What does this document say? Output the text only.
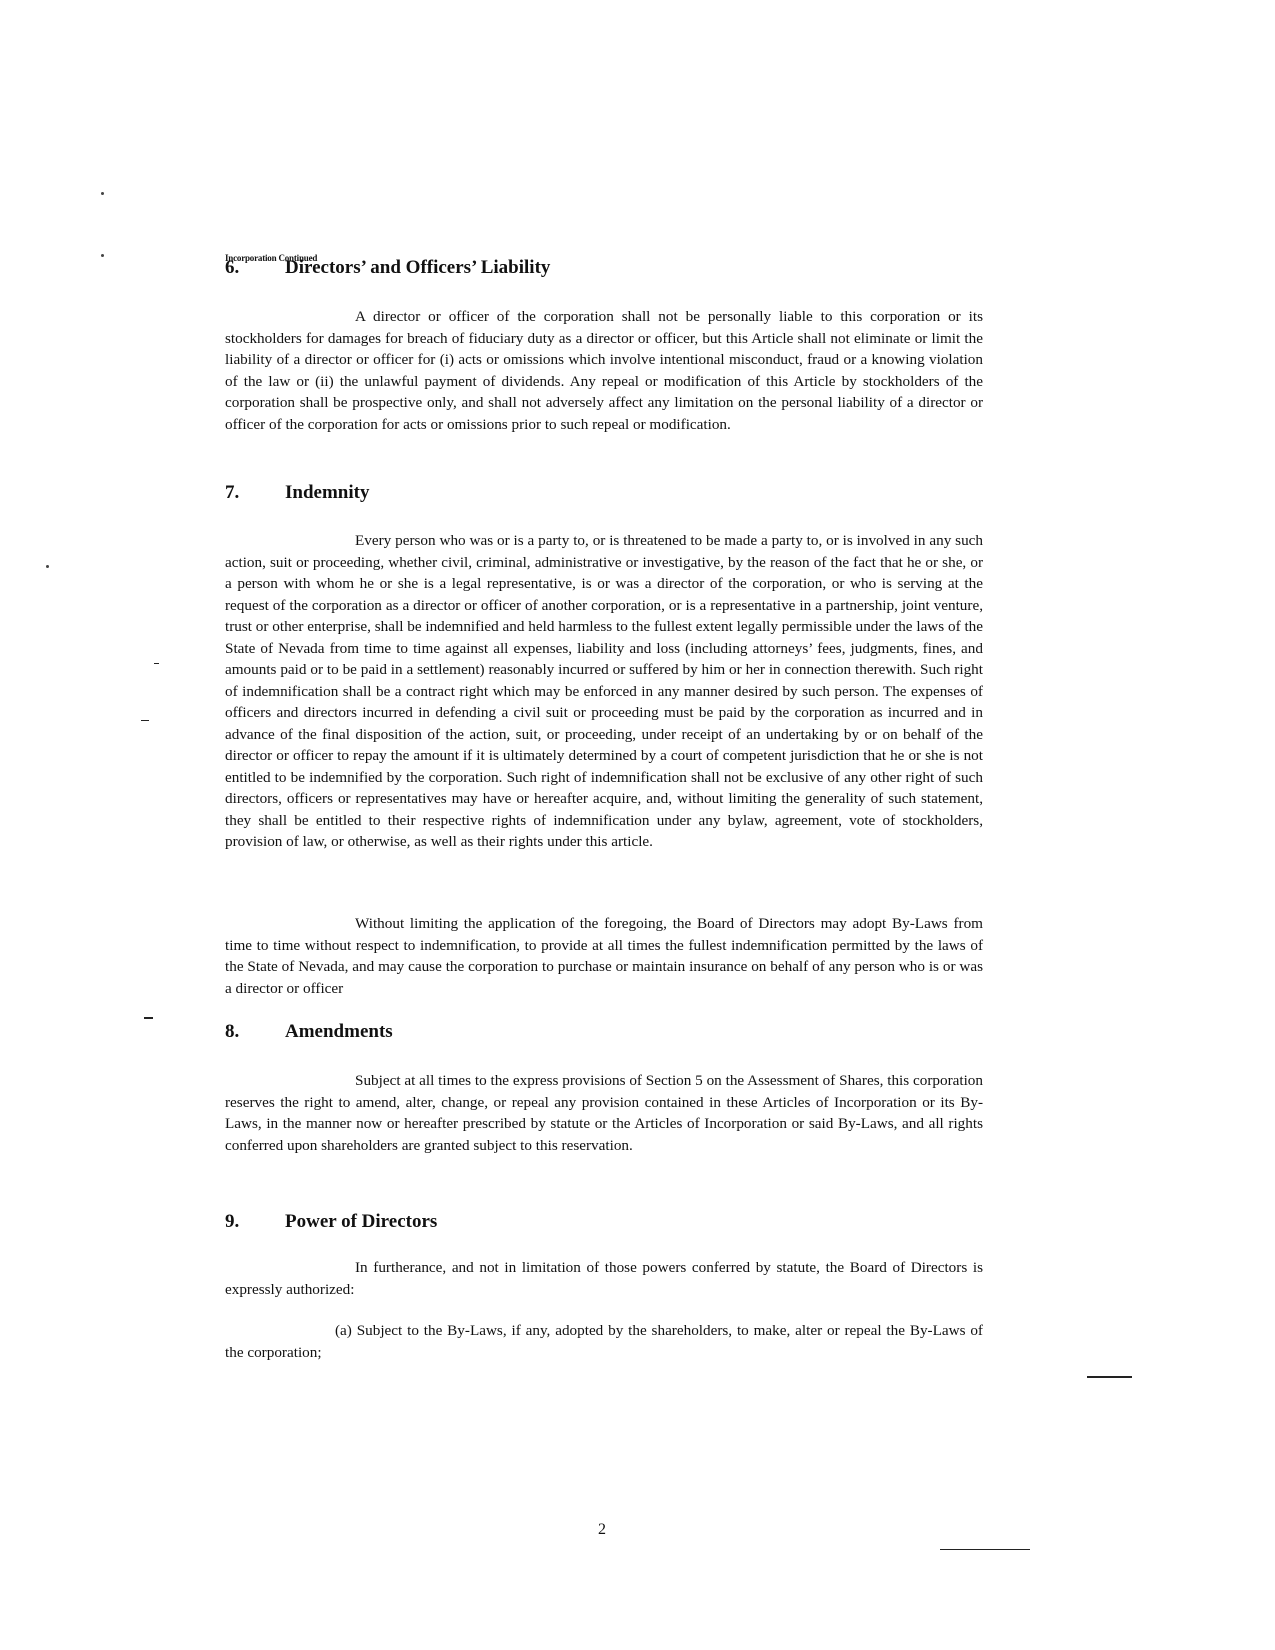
Incorporation Continued
6. Directors’ and Officers’ Liability

A director or officer of the corporation shall not be personally liable to this corporation or its stockholders for damages for breach of fiduciary duty as a director or officer, but this Article shall not eliminate or limit the liability of a director or officer for (i) acts or omissions which involve intentional misconduct, fraud or a knowing violation of the law or (ii) the unlawful payment of dividends. Any repeal or modification of this Article by stockholders of the corporation shall be prospective only, and shall not adversely affect any limitation on the personal liability of a director or officer of the corporation for acts or omissions prior to such repeal or modification.

7. Indemnity

Every person who was or is a party to, or is threatened to be made a party to, or is involved in any such action, suit or proceeding, whether civil, criminal, administrative or investigative, by the reason of the fact that he or she, or a person with whom he or she is a legal representative, is or was a director of the corporation, or who is serving at the request of the corporation as a director or officer of another corporation, or is a representative in a partnership, joint venture, trust or other enterprise, shall be indemnified and held harmless to the fullest extent legally permissible under the laws of the State of Nevada from time to time against all expenses, liability and loss (including attorneys’ fees, judgments, fines, and amounts paid or to be paid in a settlement) reasonably incurred or suffered by him or her in connection therewith. Such right of indemnification shall be a contract right which may be enforced in any manner desired by such person. The expenses of officers and directors incurred in defending a civil suit or proceeding must be paid by the corporation as incurred and in advance of the final disposition of the action, suit, or proceeding, under receipt of an undertaking by or on behalf of the director or officer to repay the amount if it is ultimately determined by a court of competent jurisdiction that he or she is not entitled to be indemnified by the corporation. Such right of indemnification shall not be exclusive of any other right of such directors, officers or representatives may have or hereafter acquire, and, without limiting the generality of such statement, they shall be entitled to their respective rights of indemnification under any bylaw, agreement, vote of stockholders, provision of law, or otherwise, as well as their rights under this article.

Without limiting the application of the foregoing, the Board of Directors may adopt By-Laws from time to time without respect to indemnification, to provide at all times the fullest indemnification permitted by the laws of the State of Nevada, and may cause the corporation to purchase or maintain insurance on behalf of any person who is or was a director or officer

8. Amendments

Subject at all times to the express provisions of Section 5 on the Assessment of Shares, this corporation reserves the right to amend, alter, change, or repeal any provision contained in these Articles of Incorporation or its By-Laws, in the manner now or hereafter prescribed by statute or the Articles of Incorporation or said By-Laws, and all rights conferred upon shareholders are granted subject to this reservation.

9. Power of Directors

In furtherance, and not in limitation of those powers conferred by statute, the Board of Directors is expressly authorized:

(a) Subject to the By-Laws, if any, adopted by the shareholders, to make, alter or repeal the By-Laws of the corporation;

2
